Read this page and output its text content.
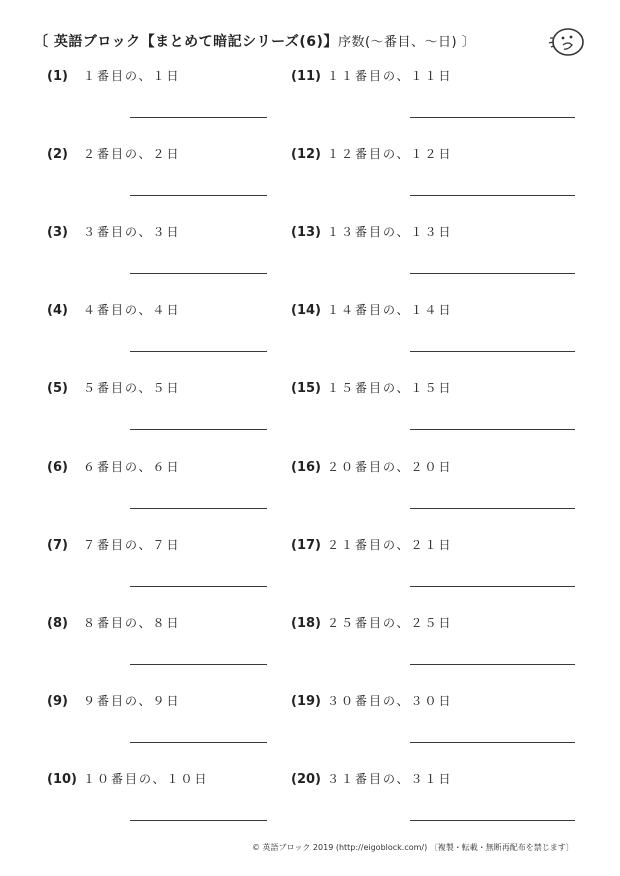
〔 英語ブロック【まとめて暗記シリーズ(6)】序数(～番目、～日) 〕
(1)	１番目の、１日
(2)	２番目の、２日
(3)	３番目の、３日
(4)	４番目の、４日
(5)	５番目の、５日
(6)	６番目の、６日
(7)	７番目の、７日
(8)	８番目の、８日
(9)	９番目の、９日
(10) １０番目の、１０日
(11) １１番目の、１１日
(12) １２番目の、１２日
(13) １３番目の、１３日
(14) １４番目の、１４日
(15) １５番目の、１５日
(16) ２０番目の、２０日
(17) ２１番目の、２１日
(18) ２５番目の、２５日
(19) ３０番目の、３０日
(20) ３１番目の、３１日
© 英語ブロック 2019 (http://eigoblock.com/) 〔複製・転載・無断再配布を禁じます〕
